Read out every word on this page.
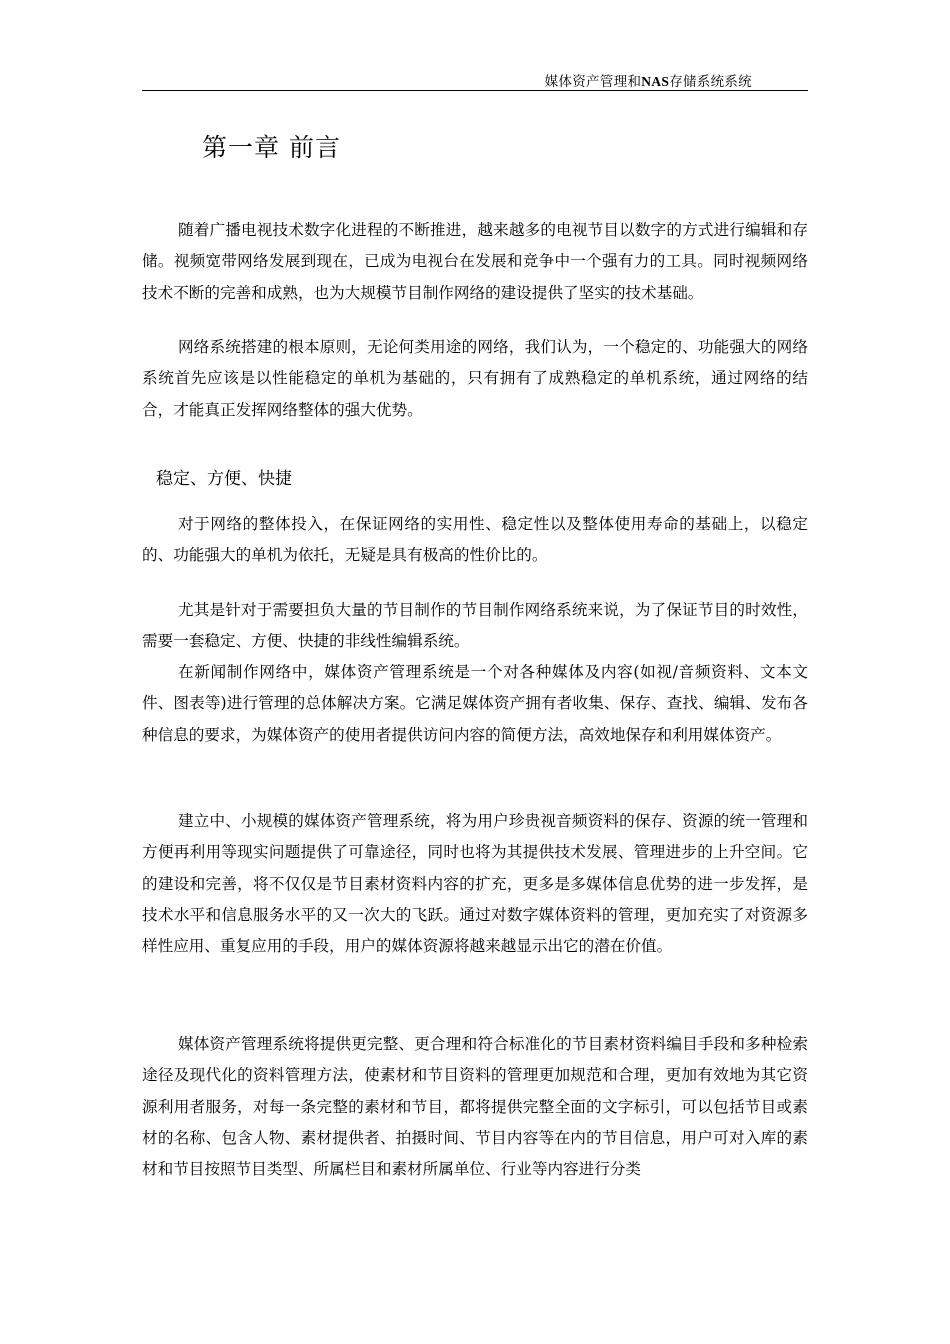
媒体资产管理和NAS存储系统系统
第一章 前言

随着广播电视技术数字化进程的不断推进，越来越多的电视节目以数字的方式进行编辑和存储。视频宽带网络发展到现在，已成为电视台在发展和竞争中一个强有力的工具。同时视频网络技术不断的完善和成熟，也为大规模节目制作网络的建设提供了坚实的技术基础。

网络系统搭建的根本原则，无论何类用途的网络，我们认为，一个稳定的、功能强大的网络系统首先应该是以性能稳定的单机为基础的，只有拥有了成熟稳定的单机系统，通过网络的结合，才能真正发挥网络整体的强大优势。

稳定、方便、快捷

对于网络的整体投入，在保证网络的实用性、稳定性以及整体使用寿命的基础上，以稳定的、功能强大的单机为依托，无疑是具有极高的性价比的。

尤其是针对于需要担负大量的节目制作的节目制作网络系统来说，为了保证节目的时效性，需要一套稳定、方便、快捷的非线性编辑系统。

在新闻制作网络中，媒体资产管理系统是一个对各种媒体及内容(如视/音频资料、文本文件、图表等)进行管理的总体解决方案。它满足媒体资产拥有者收集、保存、查找、编辑、发布各种信息的要求，为媒体资产的使用者提供访问内容的简便方法，高效地保存和利用媒体资产。

建立中、小规模的媒体资产管理系统，将为用户珍贵视音频资料的保存、资源的统一管理和方便再利用等现实问题提供了可靠途径，同时也将为其提供技术发展、管理进步的上升空间。它的建设和完善，将不仅仅是节目素材资料内容的扩充，更多是多媒体信息优势的进一步发挥，是技术水平和信息服务水平的又一次大的飞跃。通过对数字媒体资料的管理，更加充实了对资源多样性应用、重复应用的手段，用户的媒体资源将越来越显示出它的潜在价值。

媒体资产管理系统将提供更完整、更合理和符合标准化的节目素材资料编目手段和多种检索途径及现代化的资料管理方法，使素材和节目资料的管理更加规范和合理，更加有效地为其它资源利用者服务，对每一条完整的素材和节目，都将提供完整全面的文字标引，可以包括节目或素材的名称、包含人物、素材提供者、拍摄时间、节目内容等在内的节目信息，用户可对入库的素材和节目按照节目类型、所属栏目和素材所属单位、行业等内容进行分类
